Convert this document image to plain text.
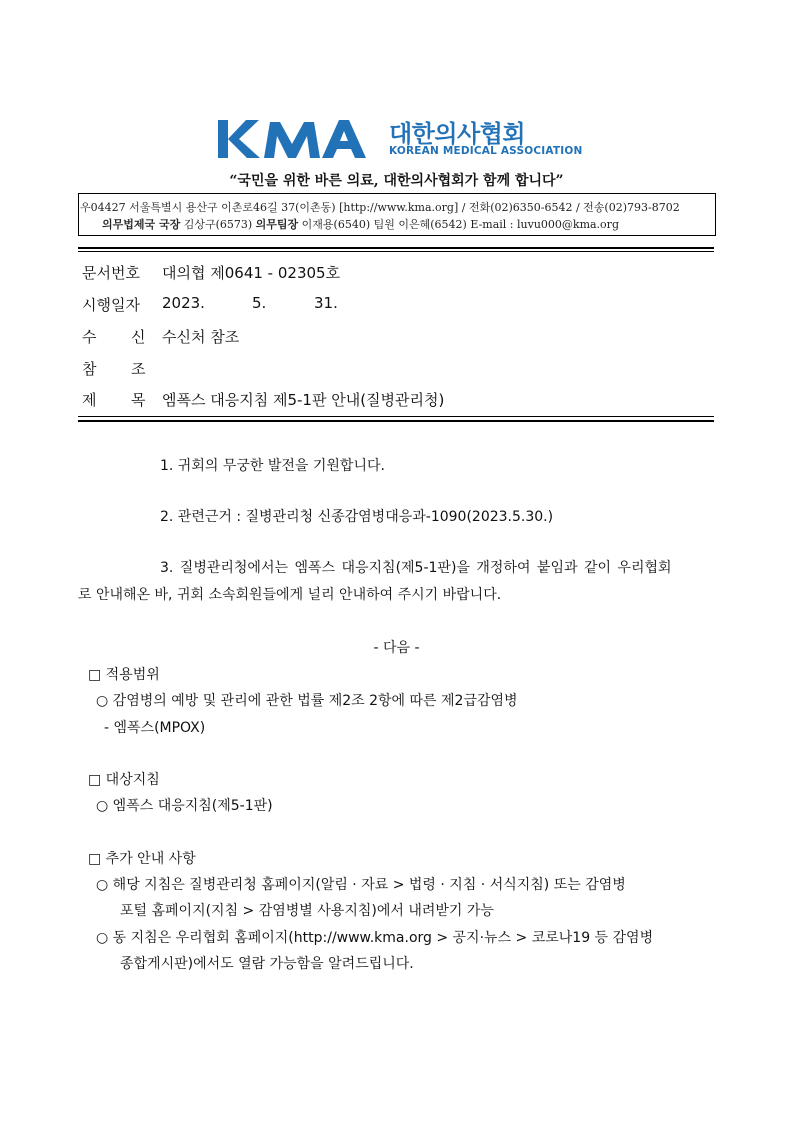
대한의사협회
KOREAN MEDICAL ASSOCIATION
“국민을 위한 바른 의료, 대한의사협회가 함께 합니다”
우04427 서울특별시 용산구 이촌로46길 37(이촌동) [http://www.kma.org] / 전화(02)6350-6542 / 전송(02)793-8702
의무법제국 국장 김상구(6573) 의무팀장 이재용(6540) 팀원 이은혜(6542) E-mail : luvu000@kma.org
문서번호 대의협 제0641 - 02305호
시행일자 2023.	5.	31.
수 신 수신처 참조
참 조
제 목 엠폭스 대응지침 제5-1판 안내(질병관리청)
1. 귀회의 무궁한 발전을 기원합니다.
2. 관련근거 : 질병관리청 신종감염병대응과-1090(2023.5.30.)
3. 질병관리청에서는 엠폭스 대응지침(제5-1판)을 개정하여 붙임과 같이 우리협회
로 안내해온 바, 귀회 소속회원들에게 널리 안내하여 주시기 바랍니다.
- 다음 -
□ 적용범위
○ 감염병의 예방 및 관리에 관한 법률 제2조 2항에 따른 제2급감염병
- 엠폭스(MPOX)
□ 대상지침
○ 엠폭스 대응지침(제5-1판)
□ 추가 안내 사항
○ 해당 지침은 질병관리청 홈페이지(알림 · 자료 > 법령 · 지침 · 서식지침) 또는 감염병
포털 홈페이지(지침 > 감염병별 사용지침)에서 내려받기 가능
○ 동 지침은 우리협회 홈페이지(http://www.kma.org > 공지·뉴스 > 코로나19 등 감염병
종합게시판)에서도 열람 가능함을 알려드립니다.
